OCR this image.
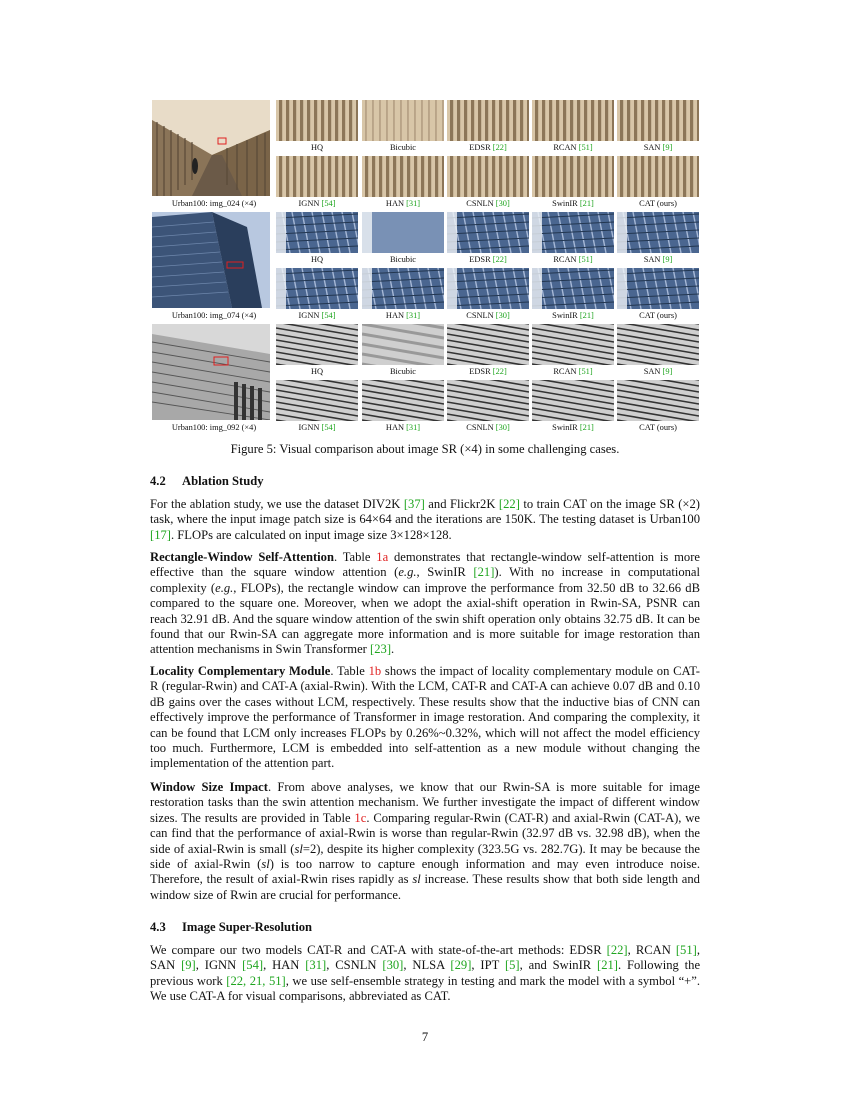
Urban100: img_024 (×4)
Urban100: img_074 (×4)
Urban100: img_092 (×4)
HQ	Bicubic	EDSR [22]	RCAN [51]	SAN [9]
IGNN [54]	HAN [31]	CSNLN [30]	SwinIR [21]	CAT (ours)
HQ	Bicubic	EDSR [22]	RCAN [51]	SAN [9]
IGNN [54]	HAN [31]	CSNLN [30]	SwinIR [21]	CAT (ours)
HQ	Bicubic	EDSR [22]	RCAN [51]	SAN [9]
IGNN [54]	HAN [31]	CSNLN [30]	SwinIR [21]	CAT (ours)
Figure 5: Visual comparison about image SR (×4) in some challenging cases.
4.2 Ablation Study
For the ablation study, we use the dataset DIV2K [37] and Flickr2K [22] to train CAT on the image SR (×2) task, where the input image patch size is 64×64 and the iterations are 150K. The testing dataset is Urban100 [17]. FLOPs are calculated on input image size 3×128×128.
Rectangle-Window Self-Attention. Table 1a demonstrates that rectangle-window self-attention is more effective than the square window attention (e.g., SwinIR [21]). With no increase in computational complexity (e.g., FLOPs), the rectangle window can improve the performance from 32.50 dB to 32.66 dB compared to the square one. Moreover, when we adopt the axial-shift operation in Rwin-SA, PSNR can reach 32.91 dB. And the square window attention of the swin shift operation only obtains 32.75 dB. It can be found that our Rwin-SA can aggregate more information and is more suitable for image restoration than attention mechanisms in Swin Transformer [23].
Locality Complementary Module. Table 1b shows the impact of locality complementary module on CAT-R (regular-Rwin) and CAT-A (axial-Rwin). With the LCM, CAT-R and CAT-A can achieve 0.07 dB and 0.10 dB gains over the cases without LCM, respectively. These results show that the inductive bias of CNN can effectively improve the performance of Transformer in image restoration. And comparing the complexity, it can be found that LCM only increases FLOPs by 0.26%~0.32%, which will not affect the model efficiency too much. Furthermore, LCM is embedded into self-attention as a new module without changing the implementation of the attention part.
Window Size Impact. From above analyses, we know that our Rwin-SA is more suitable for image restoration tasks than the swin attention mechanism. We further investigate the impact of different window sizes. The results are provided in Table 1c. Comparing regular-Rwin (CAT-R) and axial-Rwin (CAT-A), we can find that the performance of axial-Rwin is worse than regular-Rwin (32.97 dB vs. 32.98 dB), when the side of axial-Rwin is small (sl=2), despite its higher complexity (323.5G vs. 282.7G). It may be because the side of axial-Rwin (sl) is too narrow to capture enough information and may even introduce noise. Therefore, the result of axial-Rwin rises rapidly as sl increase. These results show that both side length and window size of Rwin are crucial for performance.
4.3 Image Super-Resolution
We compare our two models CAT-R and CAT-A with state-of-the-art methods: EDSR [22], RCAN [51], SAN [9], IGNN [54], HAN [31], CSNLN [30], NLSA [29], IPT [5], and SwinIR [21]. Following the previous work [22, 21, 51], we use self-ensemble strategy in testing and mark the model with a symbol “+”. We use CAT-A for visual comparisons, abbreviated as CAT.
7
